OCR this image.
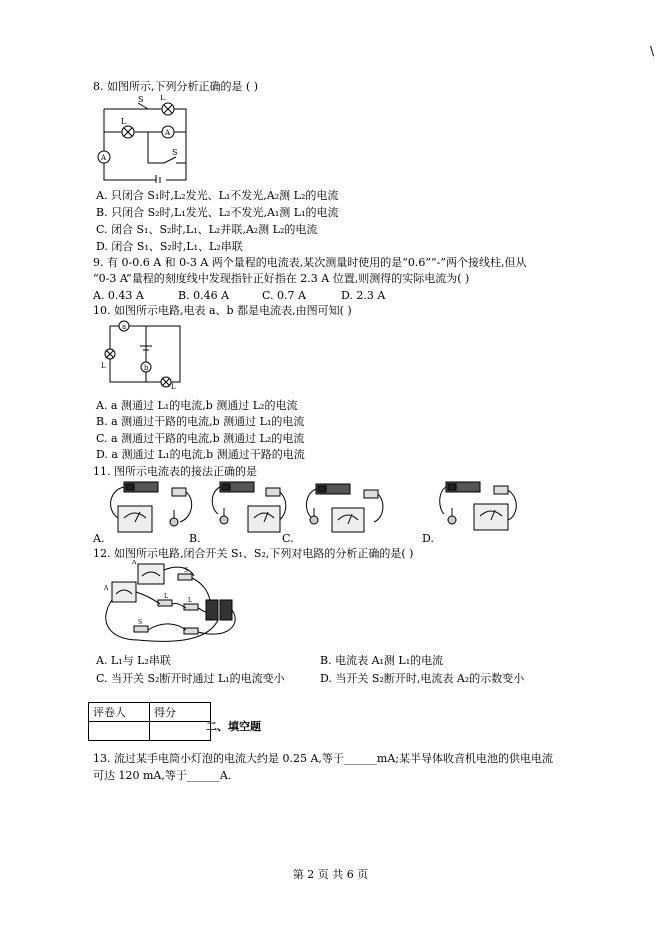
\
8. 如图所示,下列分析正确的是 ( )
S L
L
A
A
S
A. 只闭合 S₁时,L₂发光、L₁不发光,A₂测 L₂的电流
B. 只闭合 S₂时,L₁发光、L₂不发光,A₁测 L₁的电流
C. 闭合 S₁、S₂时,L₁、L₂并联,A₂测 L₂的电流
D. 闭合 S₁、S₂时,L₁、L₂串联
9. 有 0-0.6 A 和 0-3 A 两个量程的电流表,某次测量时使用的是“0.6”“-”两个接线柱,但从
“0-3 A”量程的刻度线中发现指针正好指在 2.3 A 位置,则测得的实际电流为( )
A. 0.43 A	B. 0.46 A	C. 0.7 A	D. 2.3 A
10. 如图所示电路,电表 a、b 都是电流表,由图可知( )
a
b
L
L
A. a 测通过 L₁的电流,b 测通过 L₂的电流
B. a 测通过干路的电流,b 测通过 L₁的电流
C. a 测通过干路的电流,b 测通过 L₂的电流
D. a 测通过 L₁的电流,b 测通过干路的电流
11. 图所示电流表的接法正确的是
A.	B.	C.	D.
12. 如图所示电路,闭合开关 S₁、S₂,下列对电路的分析正确的是( )
A
A
S
L
L
S
A. L₁与 L₂串联	B. 电流表 A₁测 L₁的电流
C. 当开关 S₂断开时通过 L₁的电流变小	D. 当开关 S₂断开时,电流表 A₂的示数变小
评卷人	得分

二、填空题
13. 流过某手电筒小灯泡的电流大约是 0.25 A,等于______mA;某半导体收音机电池的供电电流
可达 120 mA,等于______A.
第 2 页 共 6 页
